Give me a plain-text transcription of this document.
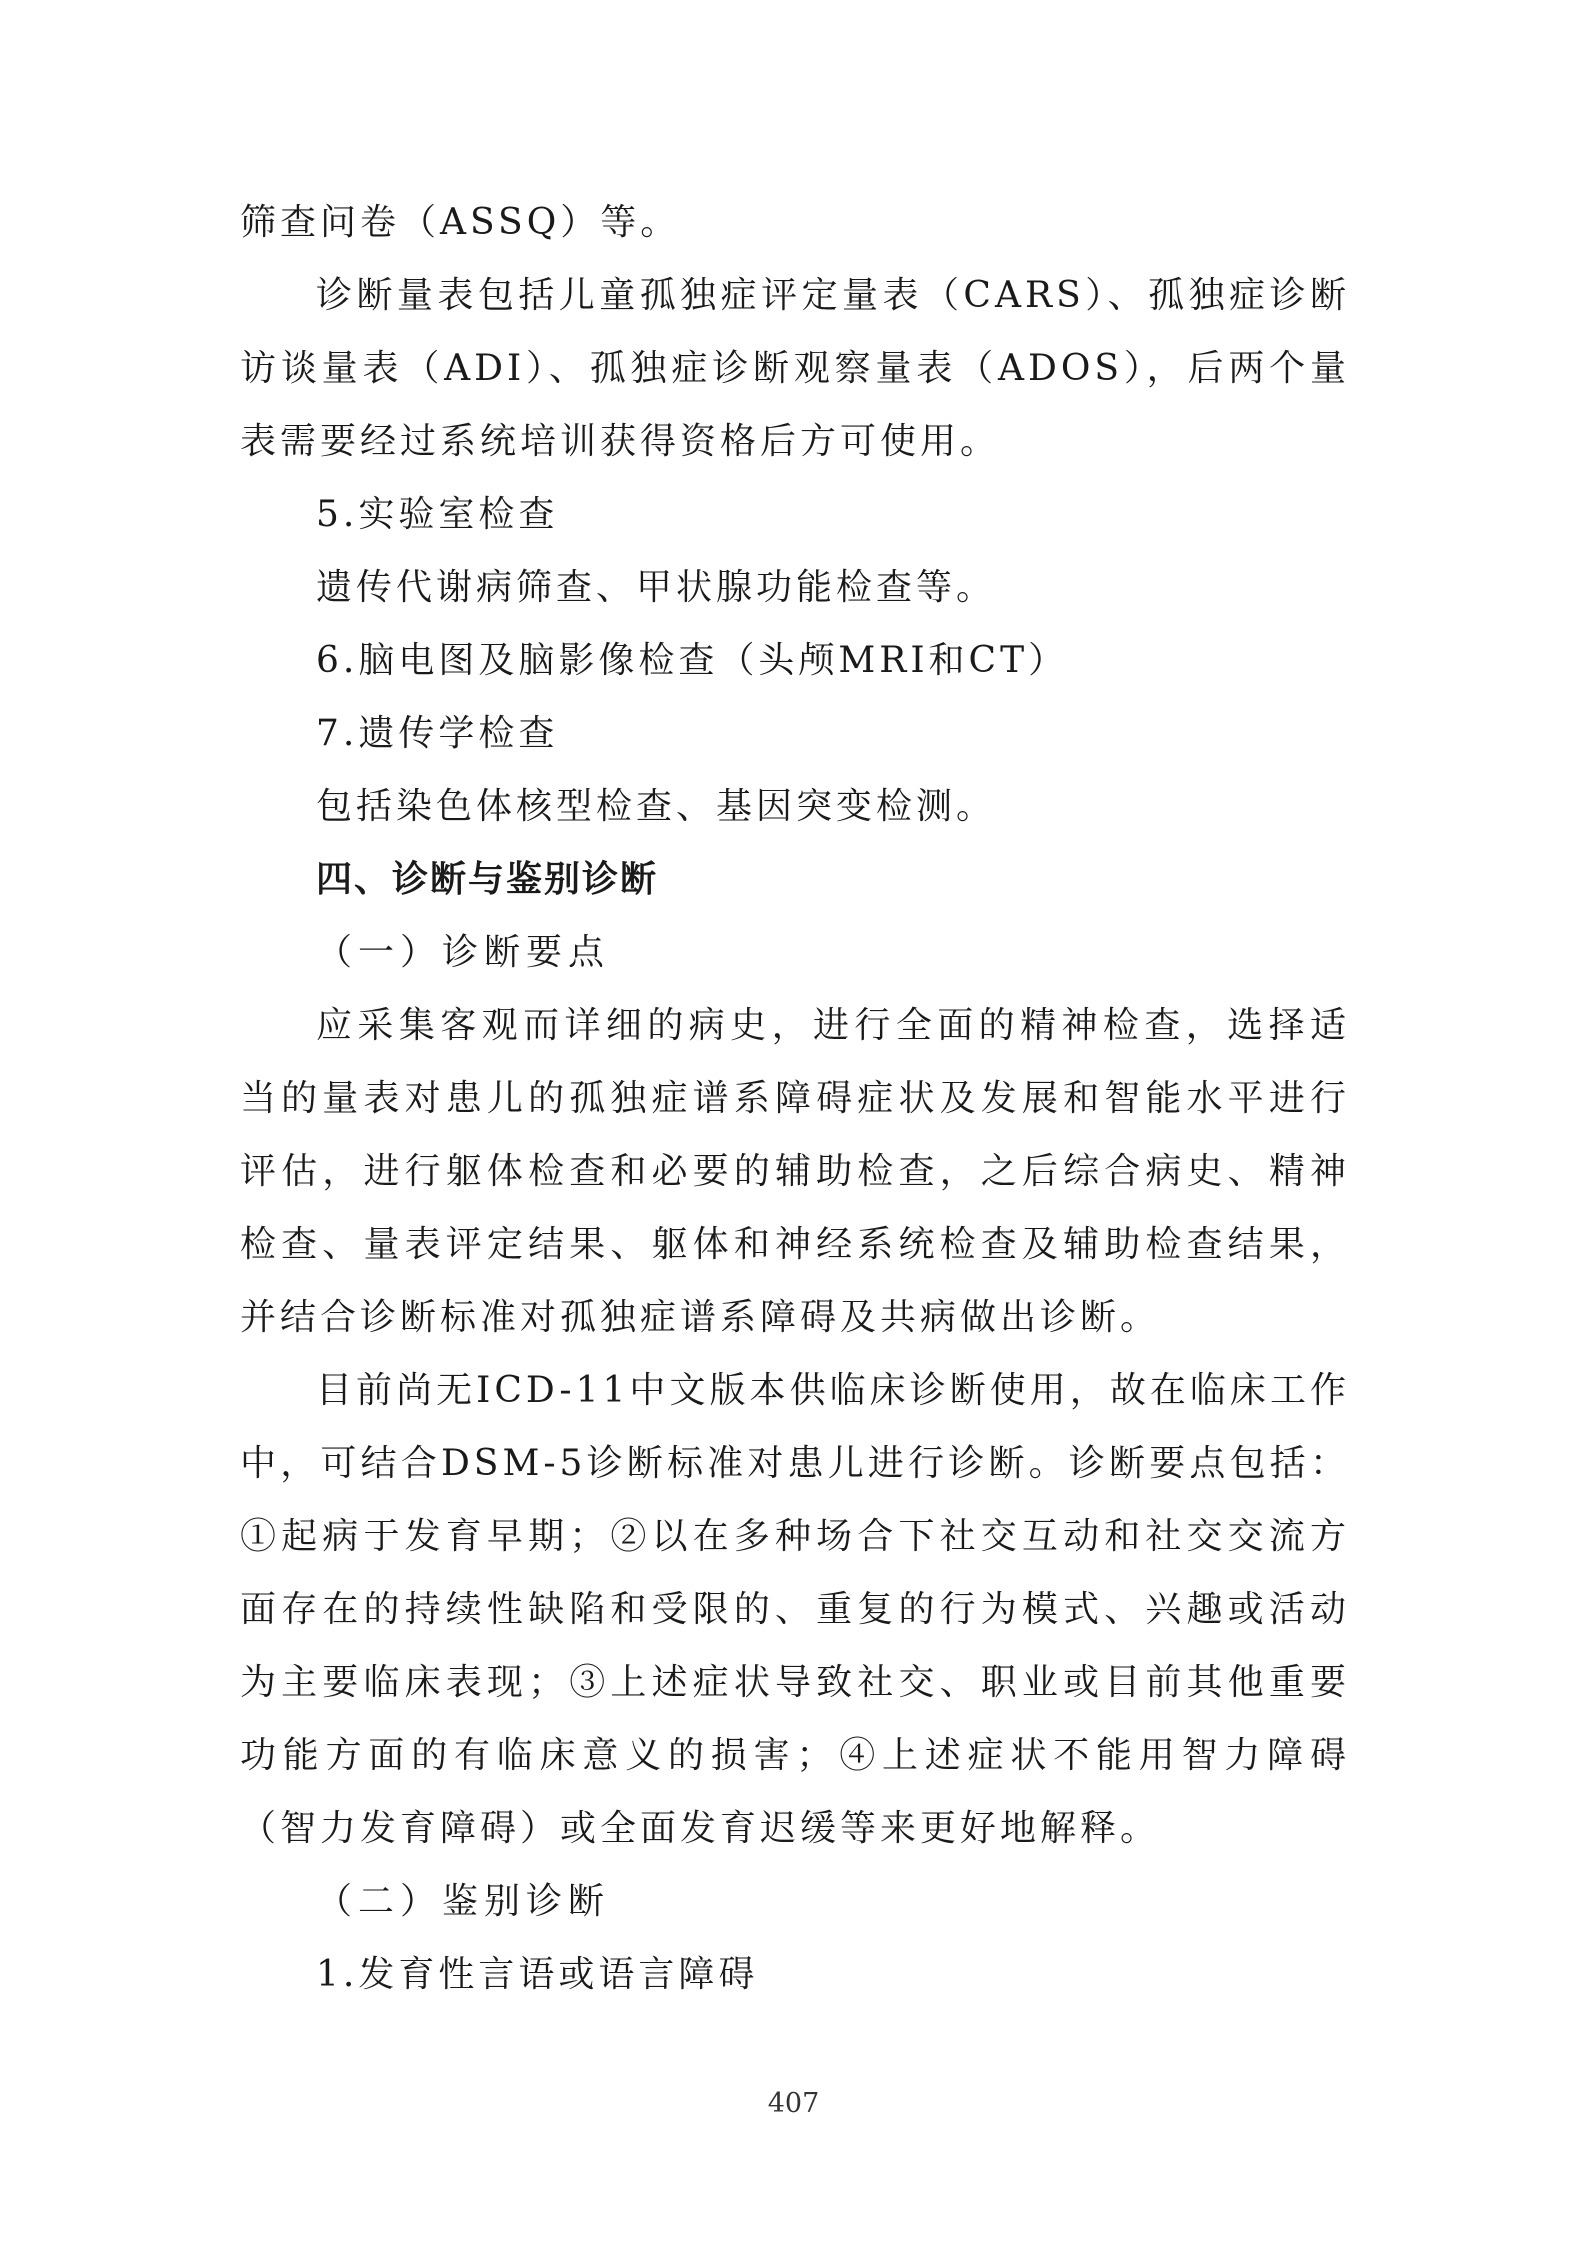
筛查问卷（ASSQ）等。

诊断量表包括儿童孤独症评定量表（CARS）、孤独症诊断访谈量表（ADI）、孤独症诊断观察量表（ADOS），后两个量表需要经过系统培训获得资格后方可使用。

5.实验室检查

遗传代谢病筛查、甲状腺功能检查等。

6.脑电图及脑影像检查（头颅MRI和CT）

7.遗传学检查

包括染色体核型检查、基因突变检测。

四、诊断与鉴别诊断

（一）诊断要点

应采集客观而详细的病史，进行全面的精神检查，选择适当的量表对患儿的孤独症谱系障碍症状及发展和智能水平进行评估，进行躯体检查和必要的辅助检查，之后综合病史、精神检查、量表评定结果、躯体和神经系统检查及辅助检查结果，并结合诊断标准对孤独症谱系障碍及共病做出诊断。

目前尚无ICD-11中文版本供临床诊断使用，故在临床工作中，可结合DSM-5诊断标准对患儿进行诊断。诊断要点包括：①起病于发育早期；②以在多种场合下社交互动和社交交流方面存在的持续性缺陷和受限的、重复的行为模式、兴趣或活动为主要临床表现；③上述症状导致社交、职业或目前其他重要功能方面的有临床意义的损害；④上述症状不能用智力障碍（智力发育障碍）或全面发育迟缓等来更好地解释。

（二）鉴别诊断

1.发育性言语或语言障碍

407
